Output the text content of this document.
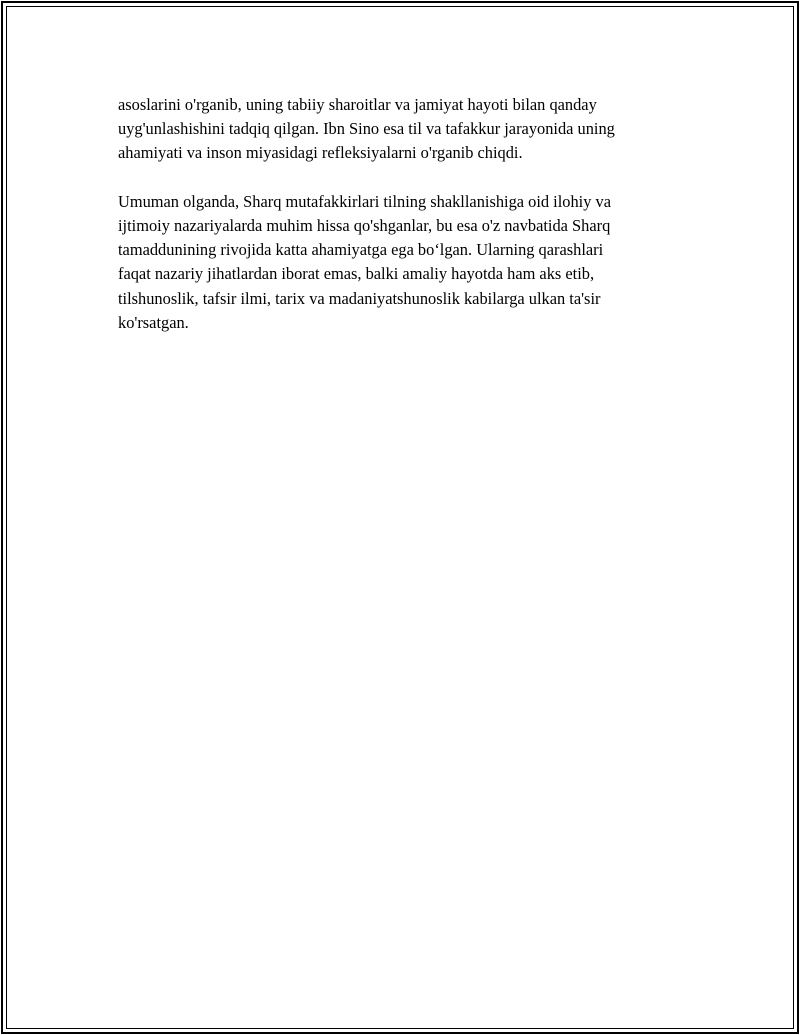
asoslarini o'rganib, uning tabiiy sharoitlar va jamiyat hayoti bilan qanday
uyg'unlashishini tadqiq qilgan. Ibn Sino esa til va tafakkur jarayonida uning
ahamiyati va inson miyasidagi refleksiyalarni o'rganib chiqdi.

Umuman olganda, Sharq mutafakkirlari tilning shakllanishiga oid ilohiy va
ijtimoiy nazariyalarda muhim hissa qo'shganlar, bu esa o'z navbatida Sharq
tamaddunining rivojida katta ahamiyatga ega bo‘lgan. Ularning qarashlari
faqat nazariy jihatlardan iborat emas, balki amaliy hayotda ham aks etib,
tilshunoslik, tafsir ilmi, tarix va madaniyatshunoslik kabilarga ulkan ta'sir
ko'rsatgan.
